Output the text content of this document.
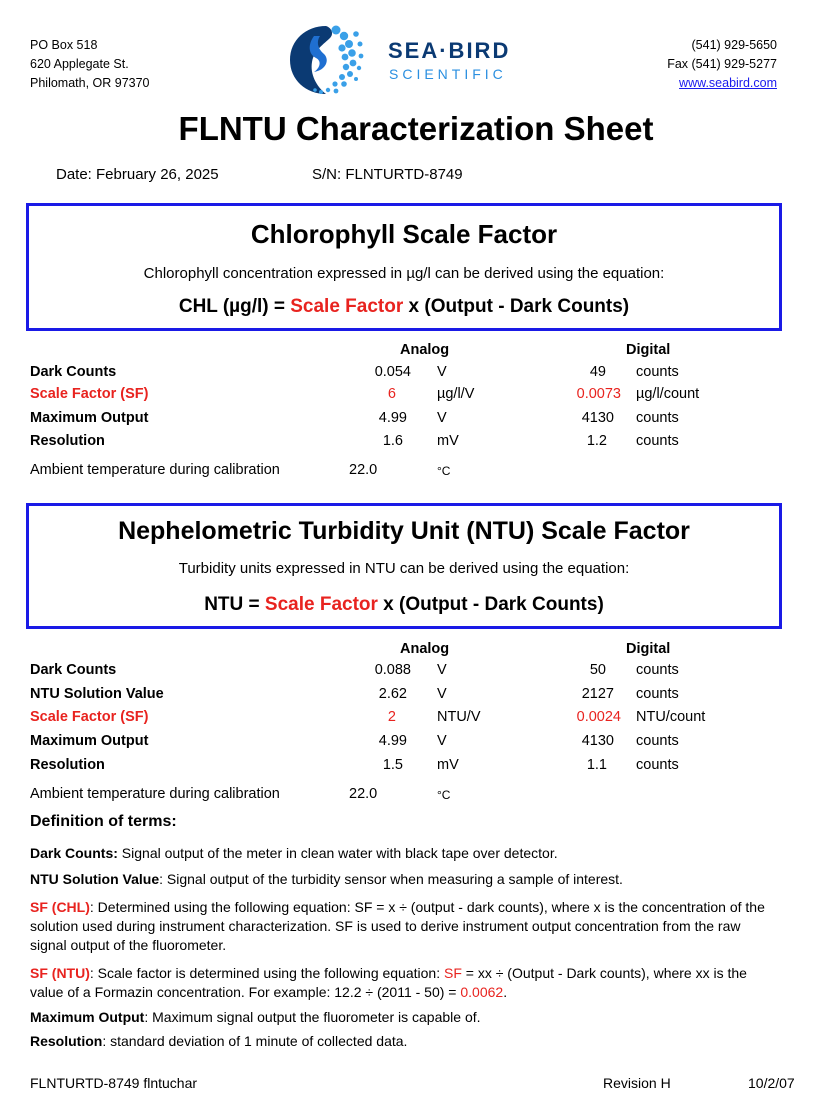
PO Box 518
620 Applegate St.
Philomath, OR 97370
SEA·BIRD
SCIENTIFIC
(541) 929-5650
Fax (541) 929-5277
www.seabird.com
FLNTU Characterization Sheet
Date: February 26, 2025	S/N: FLNTURTD-8749
Chlorophyll Scale Factor
Chlorophyll concentration expressed in µg/l can be derived using the equation:
CHL (µg/l) = Scale Factor x (Output - Dark Counts)
Analog	Digital
Dark Counts	0.054 V	49 counts
Scale Factor (SF)	6	µg/l/V	0.0073 µg/l/count
Maximum Output	4.99 V	4130 counts
Resolution	1.6 mV	1.2 counts
Ambient temperature during calibration	22.0	°C
Nephelometric Turbidity Unit (NTU) Scale Factor
Turbidity units expressed in NTU can be derived using the equation:
NTU = Scale Factor x (Output - Dark Counts)
Analog	Digital
Dark Counts	0.088 V	50 counts
NTU Solution Value	2.62 V	2127 counts
Scale Factor (SF)	2	NTU/V	0.0024 NTU/count
Maximum Output	4.99 V	4130 counts
Resolution	1.5 mV	1.1 counts
Ambient temperature during calibration	22.0	°C
Definition of terms:
Dark Counts: Signal output of the meter in clean water with black tape over detector.
NTU Solution Value: Signal output of the turbidity sensor when measuring a sample of interest.
SF (CHL): Determined using the following equation: SF = x ÷ (output - dark counts), where x is the concentration of the solution used during instrument characterization. SF is used to derive instrument output concentration from the raw signal output of the fluorometer.
SF (NTU): Scale factor is determined using the following equation: SF = xx ÷ (Output - Dark counts), where xx is the value of a Formazin concentration. For example: 12.2 ÷ (2011 - 50) = 0.0062.
Maximum Output: Maximum signal output the fluorometer is capable of.
Resolution: standard deviation of 1 minute of collected data.
FLNTURTD-8749 flntuchar	Revision H	10/2/07
